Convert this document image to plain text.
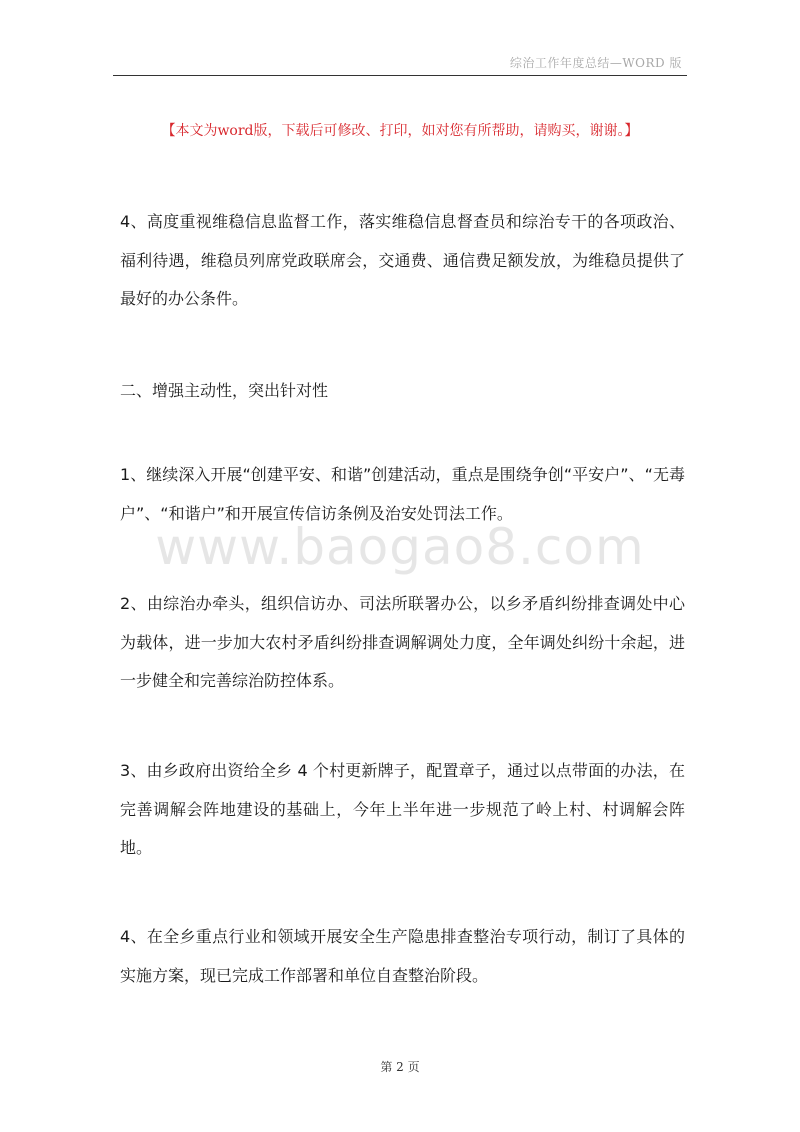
综治工作年度总结—WORD 版
【本文为word版，下载后可修改、打印，如对您有所帮助，请购买，谢谢。】

4、高度重视维稳信息监督工作，落实维稳信息督查员和综治专干的各项政治、福利待遇，维稳员列席党政联席会，交通费、通信费足额发放，为维稳员提供了最好的办公条件。

二、增强主动性，突出针对性

1、继续深入开展“创建平安、和谐”创建活动，重点是围绕争创“平安户”、“无毒户”、“和谐户”和开展宣传信访条例及治安处罚法工作。

2、由综治办牵头，组织信访办、司法所联署办公，以乡矛盾纠纷排查调处中心为载体，进一步加大农村矛盾纠纷排查调解调处力度，全年调处纠纷十余起，进一步健全和完善综治防控体系。

3、由乡政府出资给全乡 4 个村更新牌子，配置章子，通过以点带面的办法，在完善调解会阵地建设的基础上，今年上半年进一步规范了岭上村、村调解会阵地。

4、在全乡重点行业和领域开展安全生产隐患排查整治专项行动，制订了具体的实施方案，现已完成工作部署和单位自查整治阶段。

www.baogao8.com
第 2 页
